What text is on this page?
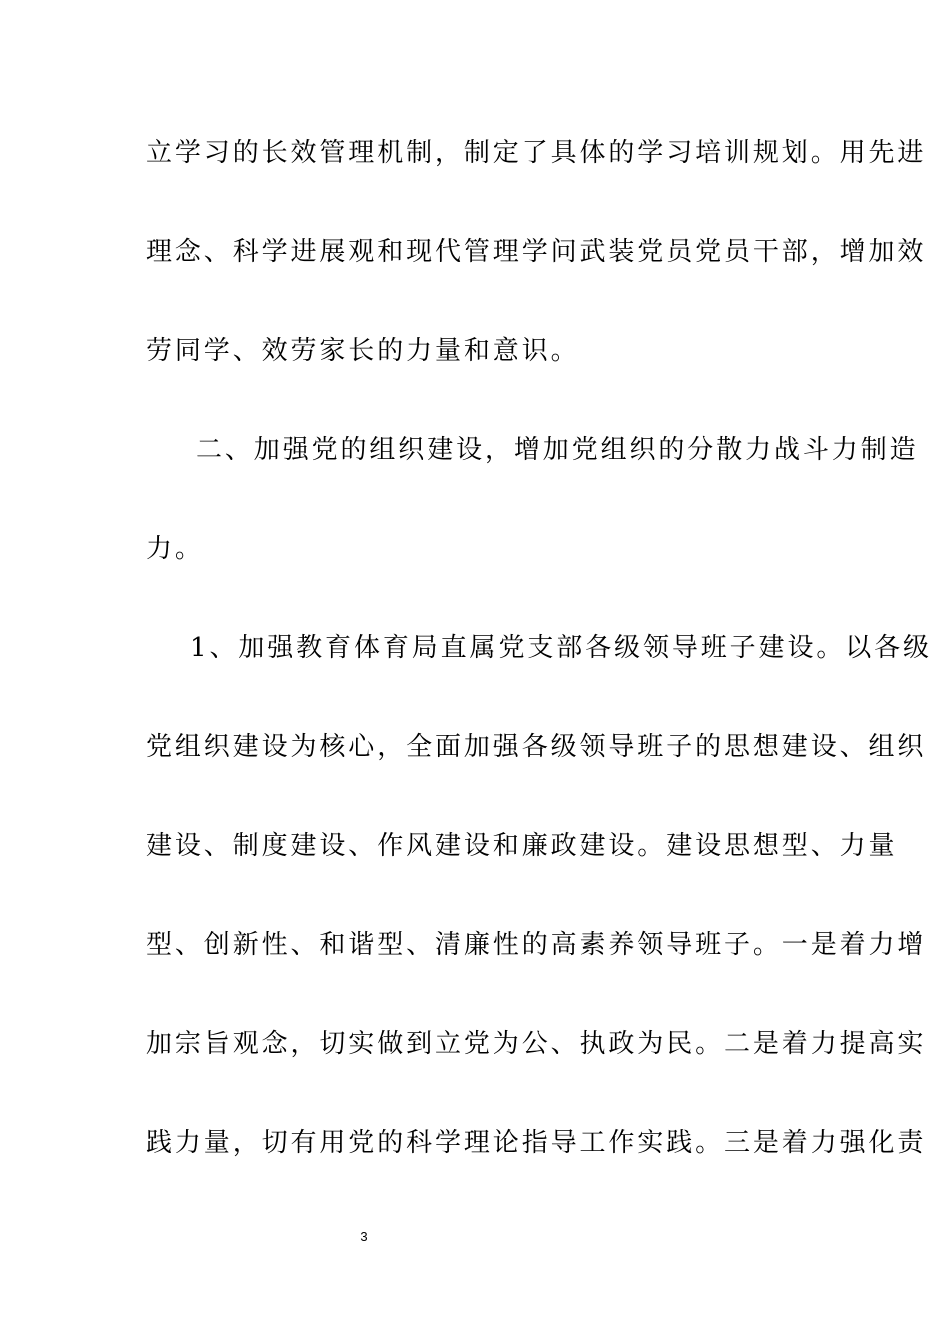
立学习的长效管理机制，制定了具体的学习培训规划。用先进
理念、科学进展观和现代管理学问武装党员党员干部，增加效
劳同学、效劳家长的力量和意识。
二、加强党的组织建设，增加党组织的分散力战斗力制造
力。
1、加强教育体育局直属党支部各级领导班子建设。以各级
党组织建设为核心，全面加强各级领导班子的思想建设、组织
建设、制度建设、作风建设和廉政建设。建设思想型、力量
型、创新性、和谐型、清廉性的高素养领导班子。一是着力增
加宗旨观念，切实做到立党为公、执政为民。二是着力提高实
践力量，切有用党的科学理论指导工作实践。三是着力强化责
3
